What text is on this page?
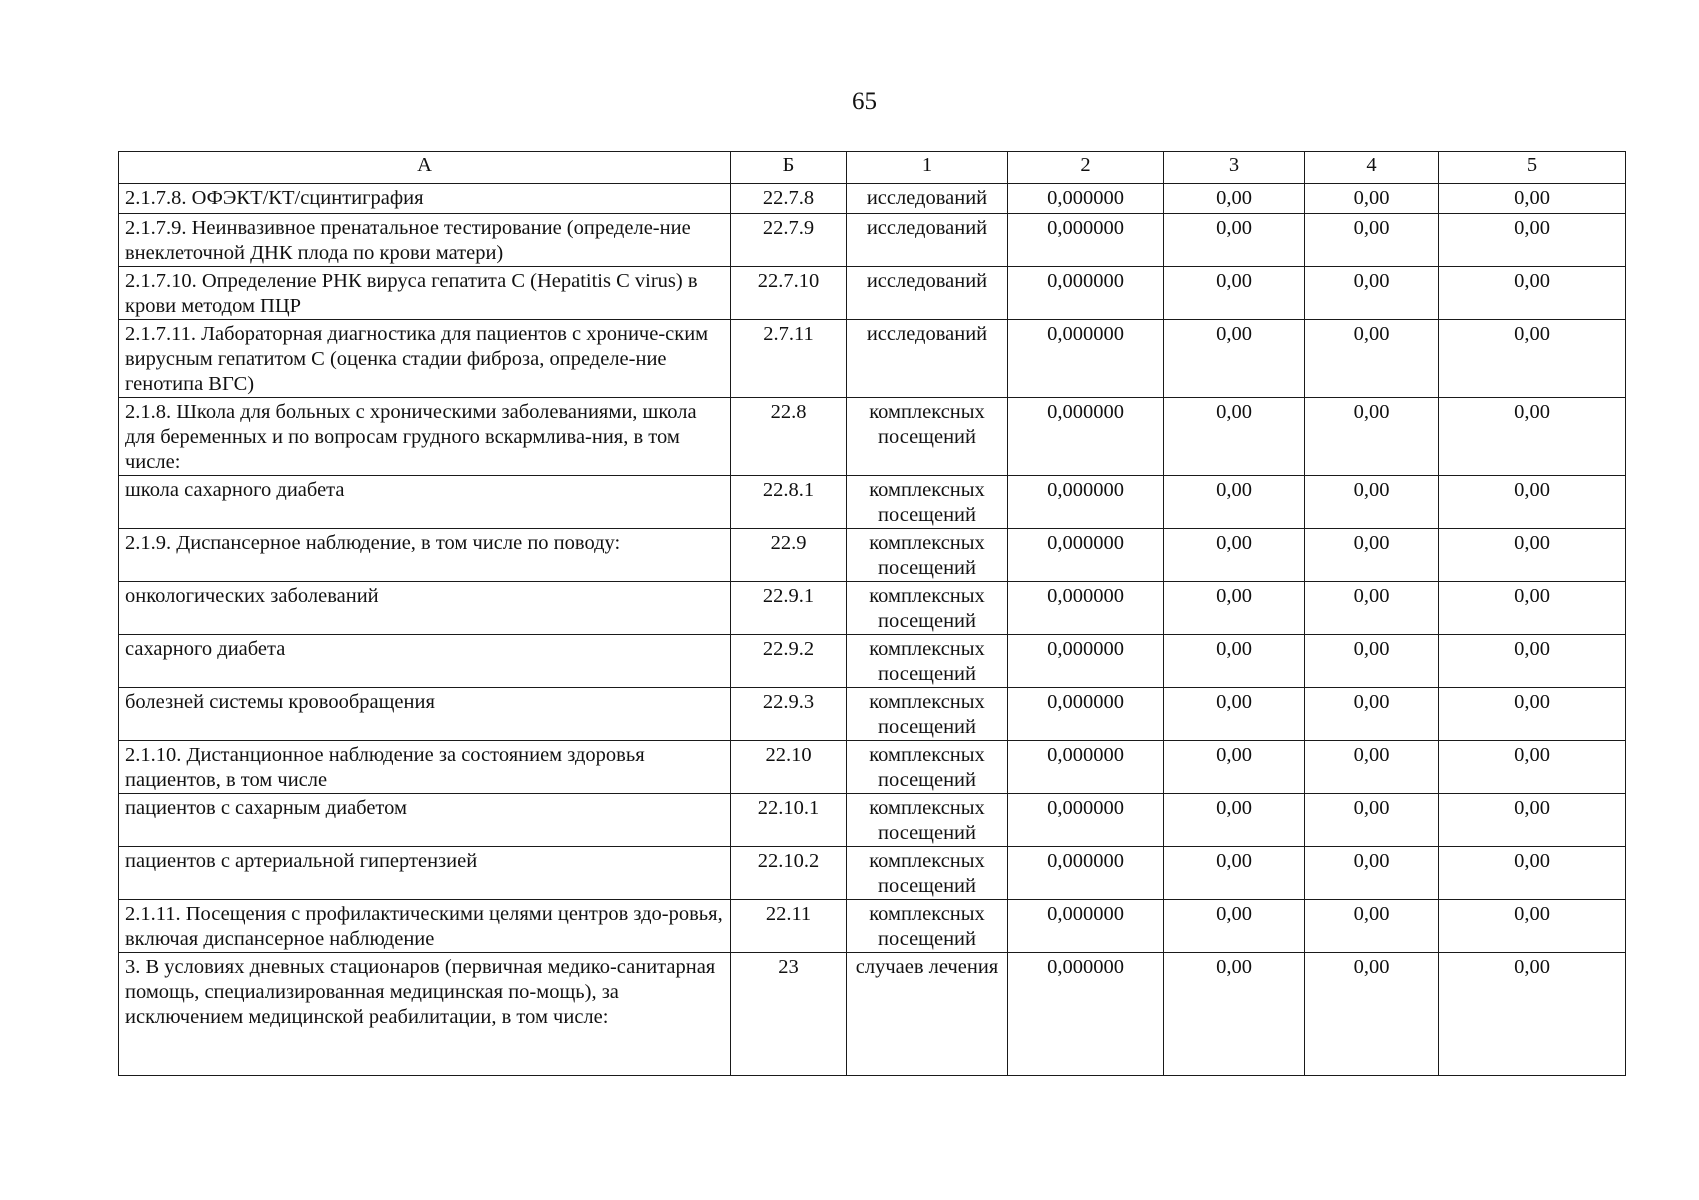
65
А	Б	1	2	3	4	5
2.1.7.8. ОФЭКТ/КТ/сцинтиграфия	22.7.8	исследований	0,000000	0,00	0,00	0,00
2.1.7.9. Неинвазивное пренатальное тестирование (определе-ние внеклеточной ДНК плода по крови матери)	22.7.9	исследований	0,000000	0,00	0,00	0,00
2.1.7.10. Определение РНК вируса гепатита С (Hepatitis С virus) в крови методом ПЦР	22.7.10	исследований	0,000000	0,00	0,00	0,00
2.1.7.11. Лабораторная диагностика для пациентов с хрониче-ским вирусным гепатитом С (оценка стадии фиброза, определе-ние генотипа ВГС)	2.7.11	исследований	0,000000	0,00	0,00	0,00
2.1.8. Школа для больных с хроническими заболеваниями, школа для беременных и по вопросам грудного вскармлива-ния, в том числе:	22.8	комплексных посещений	0,000000	0,00	0,00	0,00
школа сахарного диабета	22.8.1	комплексных посещений	0,000000	0,00	0,00	0,00
2.1.9. Диспансерное наблюдение, в том числе по поводу:	22.9	комплексных посещений	0,000000	0,00	0,00	0,00
онкологических заболеваний	22.9.1	комплексных посещений	0,000000	0,00	0,00	0,00
сахарного диабета	22.9.2	комплексных посещений	0,000000	0,00	0,00	0,00
болезней системы кровообращения	22.9.3	комплексных посещений	0,000000	0,00	0,00	0,00
2.1.10. Дистанционное наблюдение за состоянием здоровья пациентов, в том числе	22.10	комплексных посещений	0,000000	0,00	0,00	0,00
пациентов с сахарным диабетом	22.10.1	комплексных посещений	0,000000	0,00	0,00	0,00
пациентов с артериальной гипертензией	22.10.2	комплексных посещений	0,000000	0,00	0,00	0,00
2.1.11. Посещения с профилактическими целями центров здо-ровья, включая диспансерное наблюдение	22.11	комплексных посещений	0,000000	0,00	0,00	0,00
3. В условиях дневных стационаров (первичная медико-санитарная помощь, специализированная медицинская по-мощь), за исключением медицинской реабилитации, в том числе:	23	случаев лечения	0,000000	0,00	0,00	0,00
